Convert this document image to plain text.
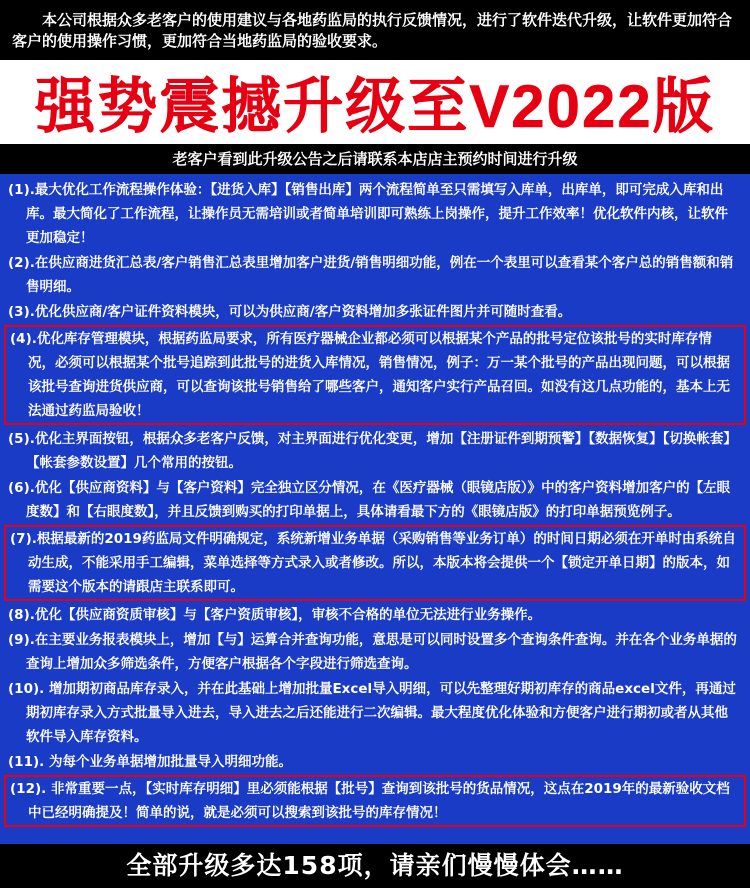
本公司根据众多老客户的使用建议与各地药监局的执行反馈情况，进行了软件迭代升级，让软件更加符合客户的使用操作习惯，更加符合当地药监局的验收要求。
强势震撼升级至V2022版
老客户看到此升级公告之后请联系本店店主预约时间进行升级
(1).最大优化工作流程操作体验：【进货入库】【销售出库】两个流程简单至只需填写入库单，出库单，即可完成入库和出库。最大简化了工作流程，让操作员无需培训或者简单培训即可熟练上岗操作，提升工作效率！优化软件内核，让软件更加稳定！
(2).在供应商进货汇总表/客户销售汇总表里增加客户进货/销售明细功能，例在一个表里可以查看某个客户总的销售额和销售明细。
(3).优化供应商/客户证件资料模块，可以为供应商/客户资料增加多张证件图片并可随时查看。
(4).优化库存管理模块，根据药监局要求，所有医疗器械企业都必须可以根据某个产品的批号定位该批号的实时库存情况，必须可以根据某个批号追踪到此批号的进货入库情况，销售情况，例子：万一某个批号的产品出现问题，可以根据该批号查询进货供应商，可以查询该批号销售给了哪些客户，通知客户实行产品召回。如没有这几点功能的，基本上无法通过药监局验收！
(5).优化主界面按钮，根据众多老客户反馈，对主界面进行优化变更，增加【注册证件到期预警】【数据恢复】【切换帐套】【帐套参数设置】几个常用的按钮。
(6).优化【供应商资料】与【客户资料】完全独立区分情况，在《医疗器械（眼镜店版）》中的客户资料增加客户的【左眼度数】和【右眼度数】，并且反馈到购买的打印单据上，具体请看最下方的《眼镜店版》的打印单据预览例子。
(7).根据最新的2019药监局文件明确规定，系统新增业务单据（采购销售等业务订单）的时间日期必须在开单时由系统自动生成，不能采用手工编辑，菜单选择等方式录入或者修改。所以，本版本将会提供一个【锁定开单日期】的版本，如需要这个版本的请跟店主联系即可。
(8).优化【供应商资质审核】与【客户资质审核】，审核不合格的单位无法进行业务操作。
(9).在主要业务报表模块上，增加【与】运算合并查询功能，意思是可以同时设置多个查询条件查询。并在各个业务单据的查询上增加众多筛选条件，方便客户根据各个字段进行筛选查询。
(10). 增加期初商品库存录入，并在此基础上增加批量Excel导入明细，可以先整理好期初库存的商品excel文件，再通过期初库存录入方式批量导入进去，导入进去之后还能进行二次编辑。最大程度优化体验和方便客户进行期初或者从其他软件导入库存资料。
(11). 为每个业务单据增加批量导入明细功能。
(12). 非常重要一点，【实时库存明细】里必须能根据【批号】查询到该批号的货品情况，这点在2019年的最新验收文档中已经明确提及！简单的说，就是必须可以搜索到该批号的库存情况！
全部升级多达158项，请亲们慢慢体会……
